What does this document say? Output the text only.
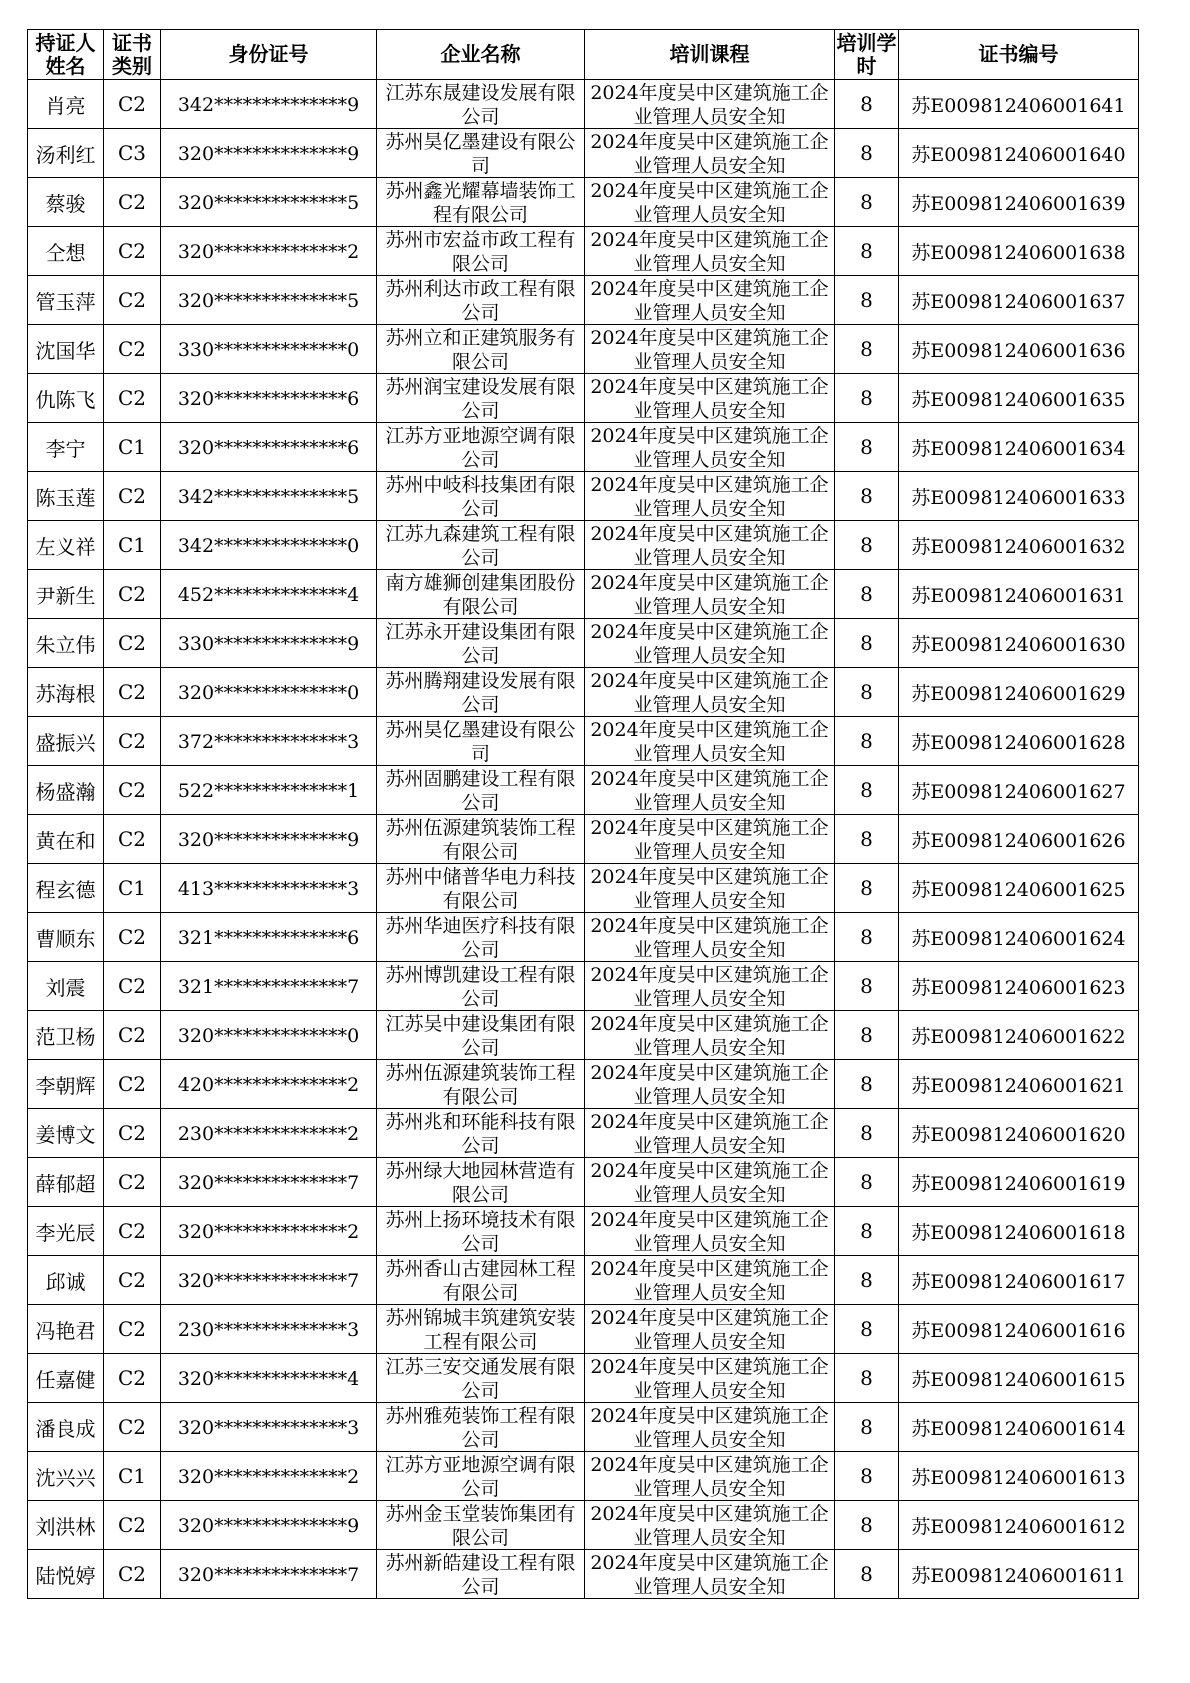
持证人姓名	证书类别	身份证号	企业名称	培训课程	培训学时	证书编号
肖亮	C2	342**************9	江苏东晟建设发展有限公司	2024年度吴中区建筑施工企业管理人员安全知	8	苏E009812406001641
汤利红	C3	320**************9	苏州昊亿墨建设有限公司	2024年度吴中区建筑施工企业管理人员安全知	8	苏E009812406001640
蔡骏	C2	320**************5	苏州鑫光耀幕墙装饰工程有限公司	2024年度吴中区建筑施工企业管理人员安全知	8	苏E009812406001639
仝想	C2	320**************2	苏州市宏益市政工程有限公司	2024年度吴中区建筑施工企业管理人员安全知	8	苏E009812406001638
管玉萍	C2	320**************5	苏州利达市政工程有限公司	2024年度吴中区建筑施工企业管理人员安全知	8	苏E009812406001637
沈国华	C2	330**************0	苏州立和正建筑服务有限公司	2024年度吴中区建筑施工企业管理人员安全知	8	苏E009812406001636
仇陈飞	C2	320**************6	苏州润宝建设发展有限公司	2024年度吴中区建筑施工企业管理人员安全知	8	苏E009812406001635
李宁	C1	320**************6	江苏方亚地源空调有限公司	2024年度吴中区建筑施工企业管理人员安全知	8	苏E009812406001634
陈玉莲	C2	342**************5	苏州中岐科技集团有限公司	2024年度吴中区建筑施工企业管理人员安全知	8	苏E009812406001633
左义祥	C1	342**************0	江苏九森建筑工程有限公司	2024年度吴中区建筑施工企业管理人员安全知	8	苏E009812406001632
尹新生	C2	452**************4	南方雄狮创建集团股份有限公司	2024年度吴中区建筑施工企业管理人员安全知	8	苏E009812406001631
朱立伟	C2	330**************9	江苏永开建设集团有限公司	2024年度吴中区建筑施工企业管理人员安全知	8	苏E009812406001630
苏海根	C2	320**************0	苏州腾翔建设发展有限公司	2024年度吴中区建筑施工企业管理人员安全知	8	苏E009812406001629
盛振兴	C2	372**************3	苏州昊亿墨建设有限公司	2024年度吴中区建筑施工企业管理人员安全知	8	苏E009812406001628
杨盛瀚	C2	522**************1	苏州固鹏建设工程有限公司	2024年度吴中区建筑施工企业管理人员安全知	8	苏E009812406001627
黄在和	C2	320**************9	苏州伍源建筑装饰工程有限公司	2024年度吴中区建筑施工企业管理人员安全知	8	苏E009812406001626
程玄德	C1	413**************3	苏州中储普华电力科技有限公司	2024年度吴中区建筑施工企业管理人员安全知	8	苏E009812406001625
曹顺东	C2	321**************6	苏州华迪医疗科技有限公司	2024年度吴中区建筑施工企业管理人员安全知	8	苏E009812406001624
刘震	C2	321**************7	苏州博凯建设工程有限公司	2024年度吴中区建筑施工企业管理人员安全知	8	苏E009812406001623
范卫杨	C2	320**************0	江苏吴中建设集团有限公司	2024年度吴中区建筑施工企业管理人员安全知	8	苏E009812406001622
李朝辉	C2	420**************2	苏州伍源建筑装饰工程有限公司	2024年度吴中区建筑施工企业管理人员安全知	8	苏E009812406001621
姜博文	C2	230**************2	苏州兆和环能科技有限公司	2024年度吴中区建筑施工企业管理人员安全知	8	苏E009812406001620
薛郁超	C2	320**************7	苏州绿大地园林营造有限公司	2024年度吴中区建筑施工企业管理人员安全知	8	苏E009812406001619
李光辰	C2	320**************2	苏州上扬环境技术有限公司	2024年度吴中区建筑施工企业管理人员安全知	8	苏E009812406001618
邱诚	C2	320**************7	苏州香山古建园林工程有限公司	2024年度吴中区建筑施工企业管理人员安全知	8	苏E009812406001617
冯艳君	C2	230**************3	苏州锦城丰筑建筑安装工程有限公司	2024年度吴中区建筑施工企业管理人员安全知	8	苏E009812406001616
任嘉健	C2	320**************4	江苏三安交通发展有限公司	2024年度吴中区建筑施工企业管理人员安全知	8	苏E009812406001615
潘良成	C2	320**************3	苏州雅苑装饰工程有限公司	2024年度吴中区建筑施工企业管理人员安全知	8	苏E009812406001614
沈兴兴	C1	320**************2	江苏方亚地源空调有限公司	2024年度吴中区建筑施工企业管理人员安全知	8	苏E009812406001613
刘洪林	C2	320**************9	苏州金玉堂装饰集团有限公司	2024年度吴中区建筑施工企业管理人员安全知	8	苏E009812406001612
陆悦婷	C2	320**************7	苏州新皓建设工程有限公司	2024年度吴中区建筑施工企业管理人员安全知	8	苏E009812406001611
